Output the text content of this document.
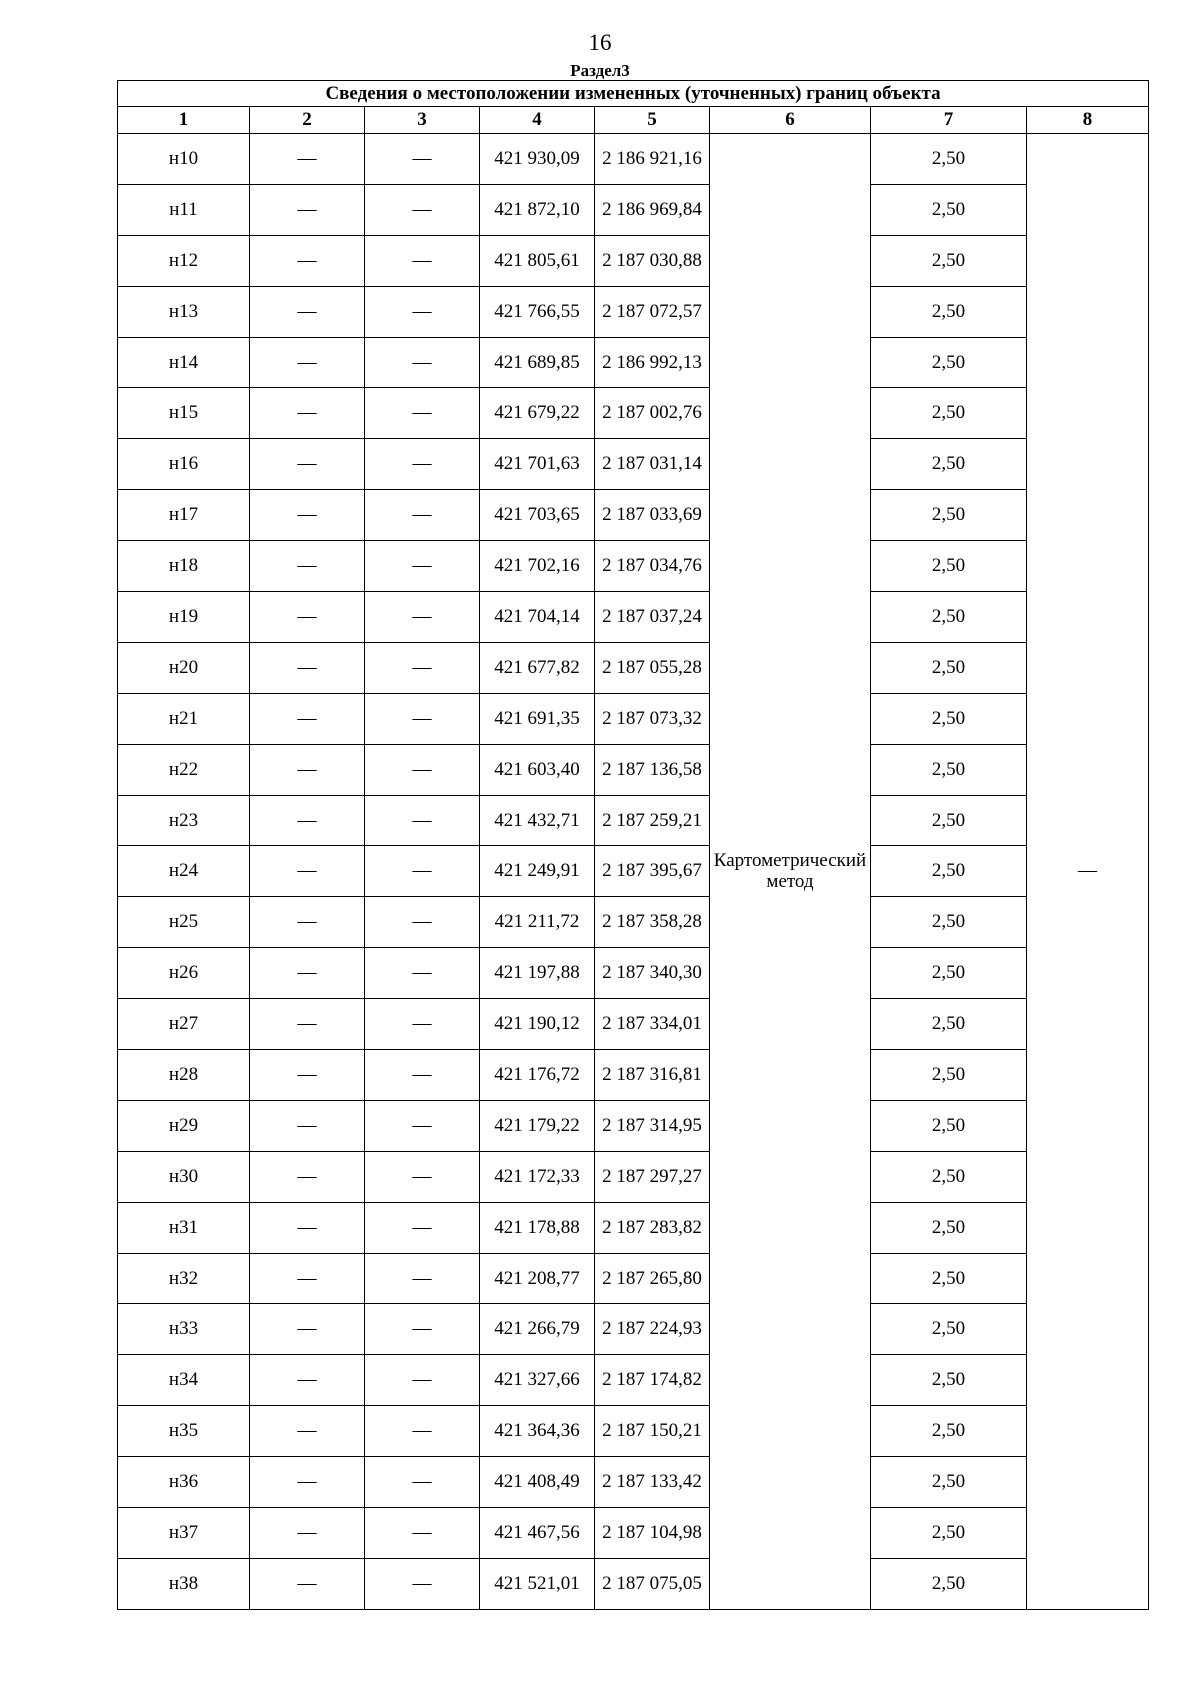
16
Раздел3
Сведения о местоположении измененных (уточненных) границ объекта							
1	2	3	4	5	6	7	8
н10	—	—	421 930,09	2 186 921,16	Картометрический метод	2,50	—
н11	—	—	421 872,10	2 186 969,84		2,50	
н12	—	—	421 805,61	2 187 030,88		2,50	
н13	—	—	421 766,55	2 187 072,57		2,50	
н14	—	—	421 689,85	2 186 992,13		2,50	
н15	—	—	421 679,22	2 187 002,76		2,50	
н16	—	—	421 701,63	2 187 031,14		2,50	
н17	—	—	421 703,65	2 187 033,69		2,50	
н18	—	—	421 702,16	2 187 034,76		2,50	
н19	—	—	421 704,14	2 187 037,24		2,50	
н20	—	—	421 677,82	2 187 055,28		2,50	
н21	—	—	421 691,35	2 187 073,32		2,50	
н22	—	—	421 603,40	2 187 136,58		2,50	
н23	—	—	421 432,71	2 187 259,21		2,50	
н24	—	—	421 249,91	2 187 395,67		2,50	
н25	—	—	421 211,72	2 187 358,28		2,50	
н26	—	—	421 197,88	2 187 340,30		2,50	
н27	—	—	421 190,12	2 187 334,01		2,50	
н28	—	—	421 176,72	2 187 316,81		2,50	
н29	—	—	421 179,22	2 187 314,95		2,50	
н30	—	—	421 172,33	2 187 297,27		2,50	
н31	—	—	421 178,88	2 187 283,82		2,50	
н32	—	—	421 208,77	2 187 265,80		2,50	
н33	—	—	421 266,79	2 187 224,93		2,50	
н34	—	—	421 327,66	2 187 174,82		2,50	
н35	—	—	421 364,36	2 187 150,21		2,50	
н36	—	—	421 408,49	2 187 133,42		2,50	
н37	—	—	421 467,56	2 187 104,98		2,50	
н38	—	—	421 521,01	2 187 075,05		2,50	
